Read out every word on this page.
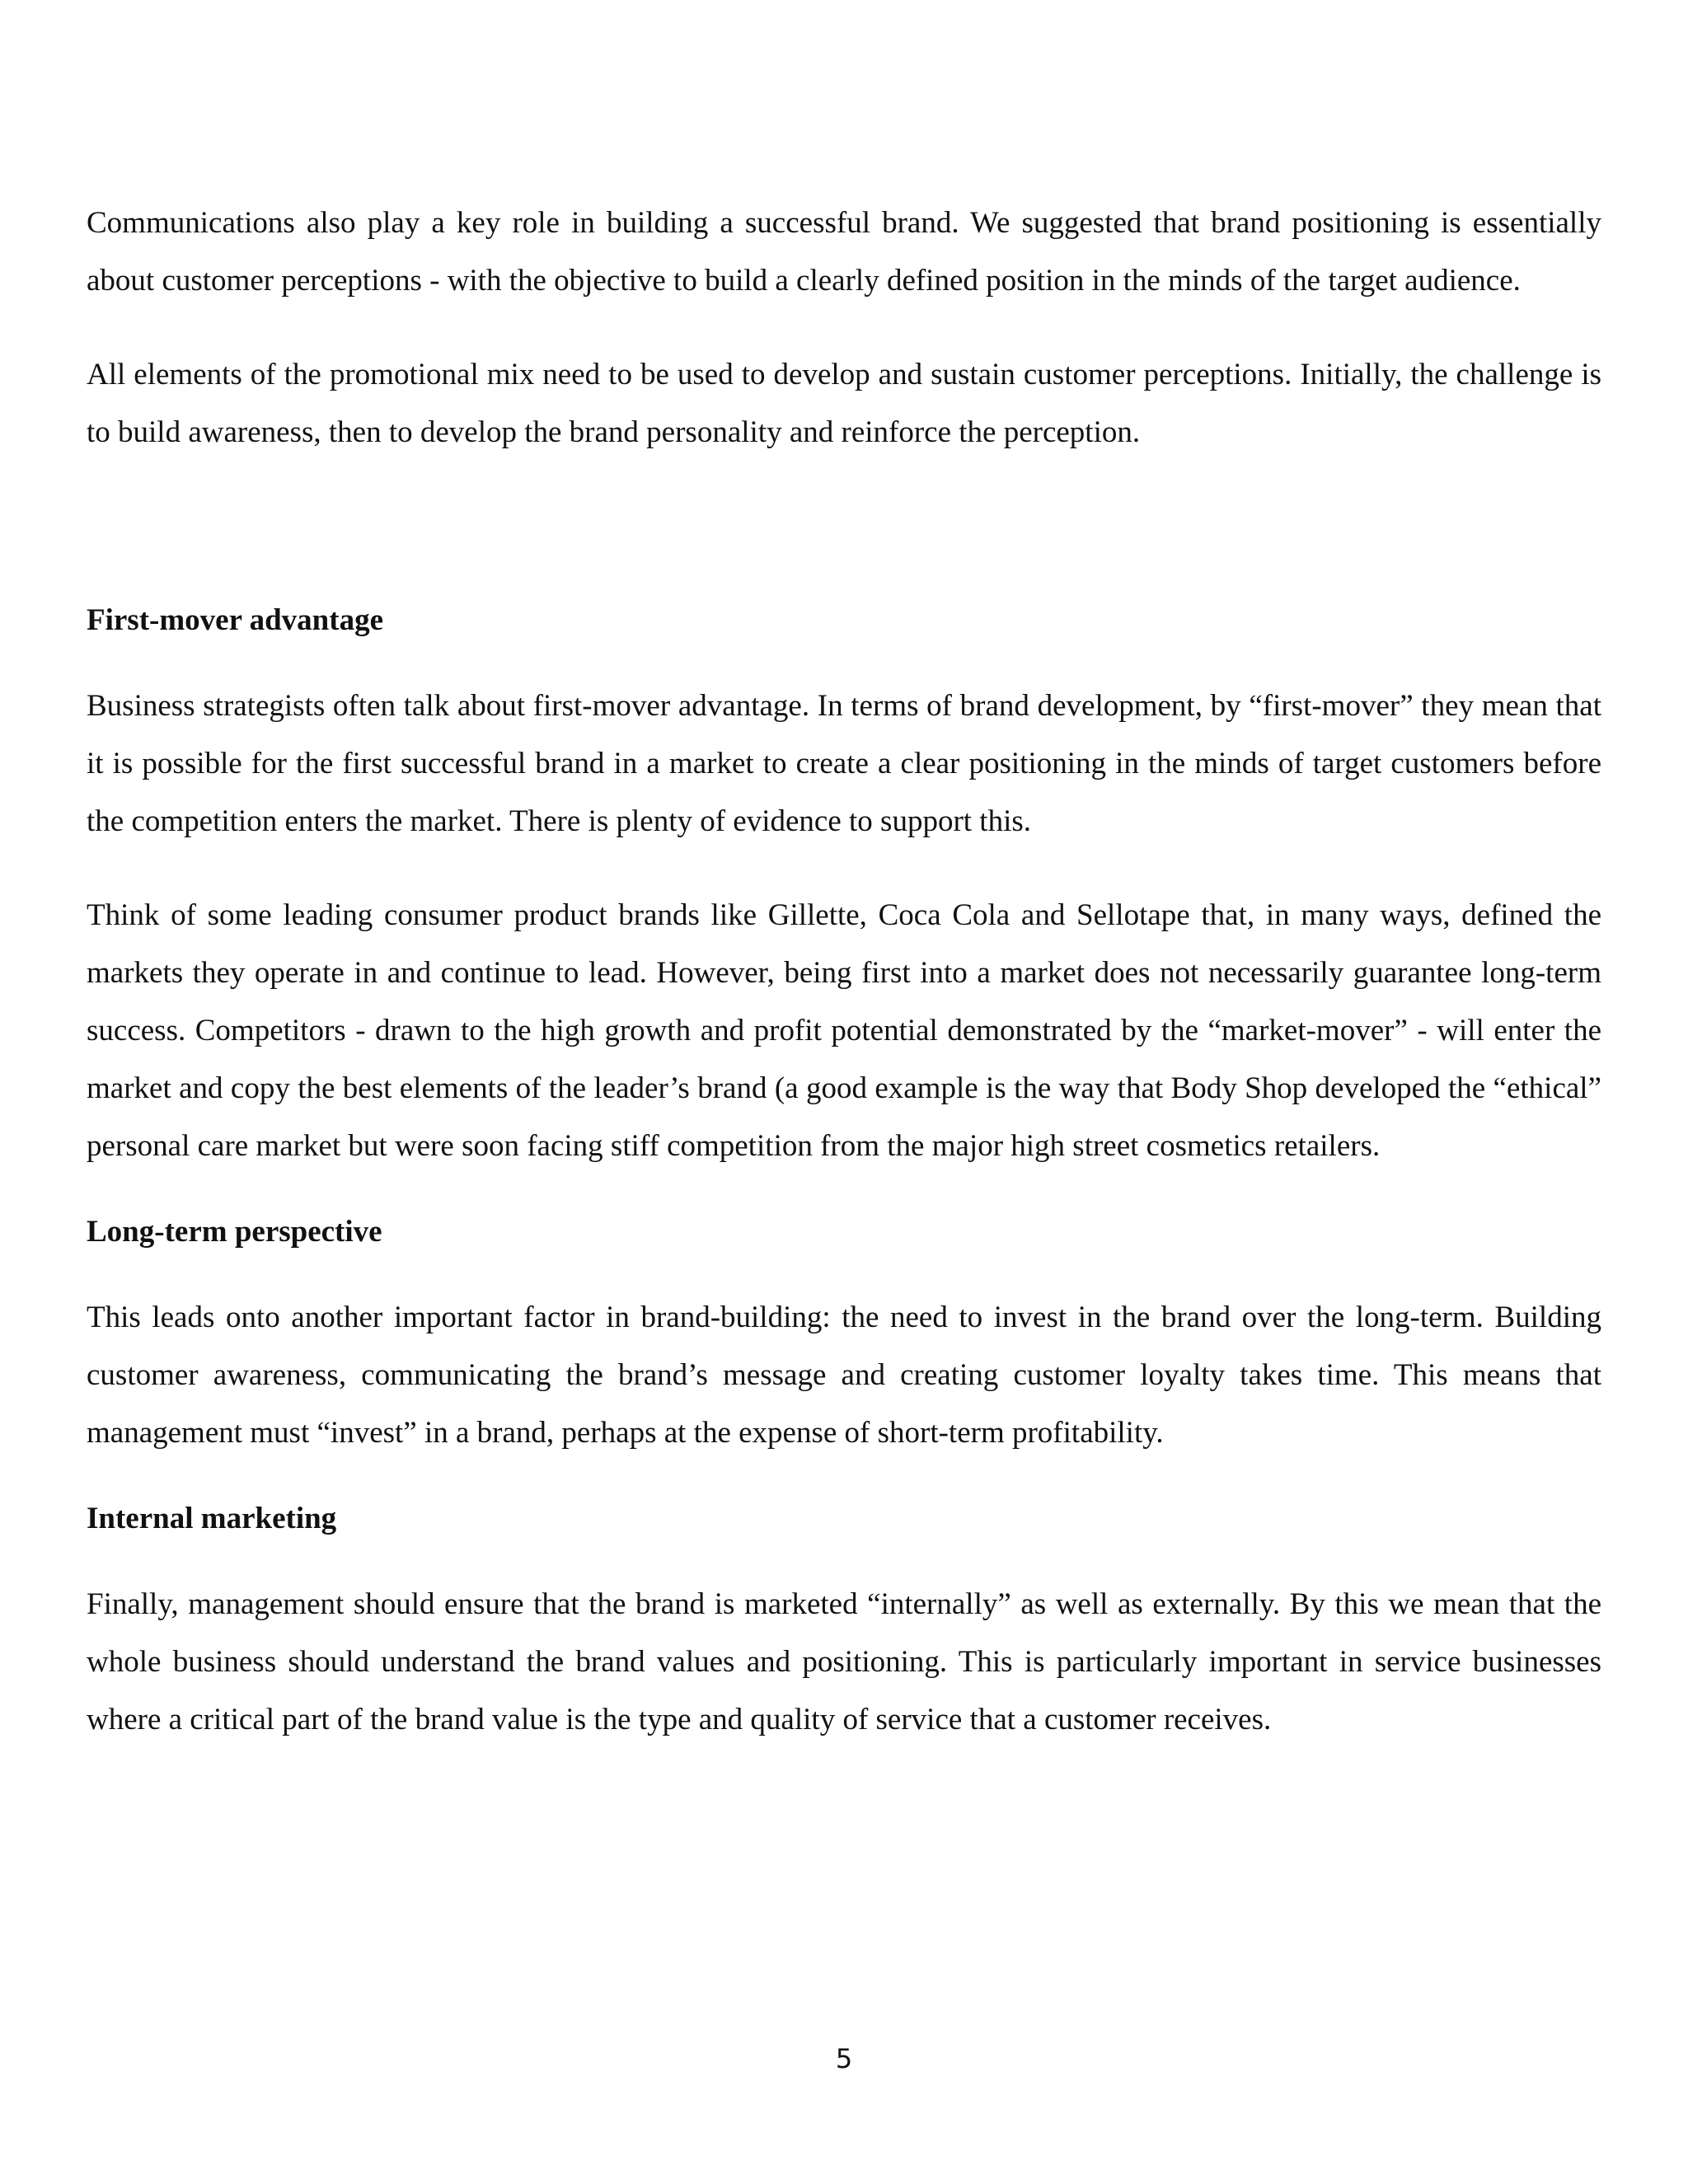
Communications also play a key role in building a successful brand. We suggested that brand positioning is essentially about customer perceptions ‐ with the objective to build a clearly defined position in the minds of the target audience.

All elements of the promotional mix need to be used to develop and sustain customer perceptions. Initially, the challenge is to build awareness, then to develop the brand personality and reinforce the perception.

First-mover advantage

Business strategists often talk about first-mover advantage. In terms of brand development, by “first-mover” they mean that it is possible for the first successful brand in a market to create a clear positioning in the minds of target customers before the competition enters the market. There is plenty of evidence to support this.

Think of some leading consumer product brands like Gillette, Coca Cola and Sellotape that, in many ways, defined the markets they operate in and continue to lead. However, being first into a market does not necessarily guarantee long-term success. Competitors ‐ drawn to the high growth and profit potential demonstrated by the “market-mover” ‐ will enter the market and copy the best elements of the leader’s brand (a good example is the way that Body Shop developed the “ethical” personal care market but were soon facing stiff competition from the major high street cosmetics retailers.

Long-term perspective

This leads onto another important factor in brand-building: the need to invest in the brand over the long-term. Building customer awareness, communicating the brand’s message and creating customer loyalty takes time. This means that management must “invest” in a brand, perhaps at the expense of short-term profitability.

Internal marketing

Finally, management should ensure that the brand is marketed “internally” as well as externally. By this we mean that the whole business should understand the brand values and positioning. This is particularly important in service businesses where a critical part of the brand value is the type and quality of service that a customer receives.

5
